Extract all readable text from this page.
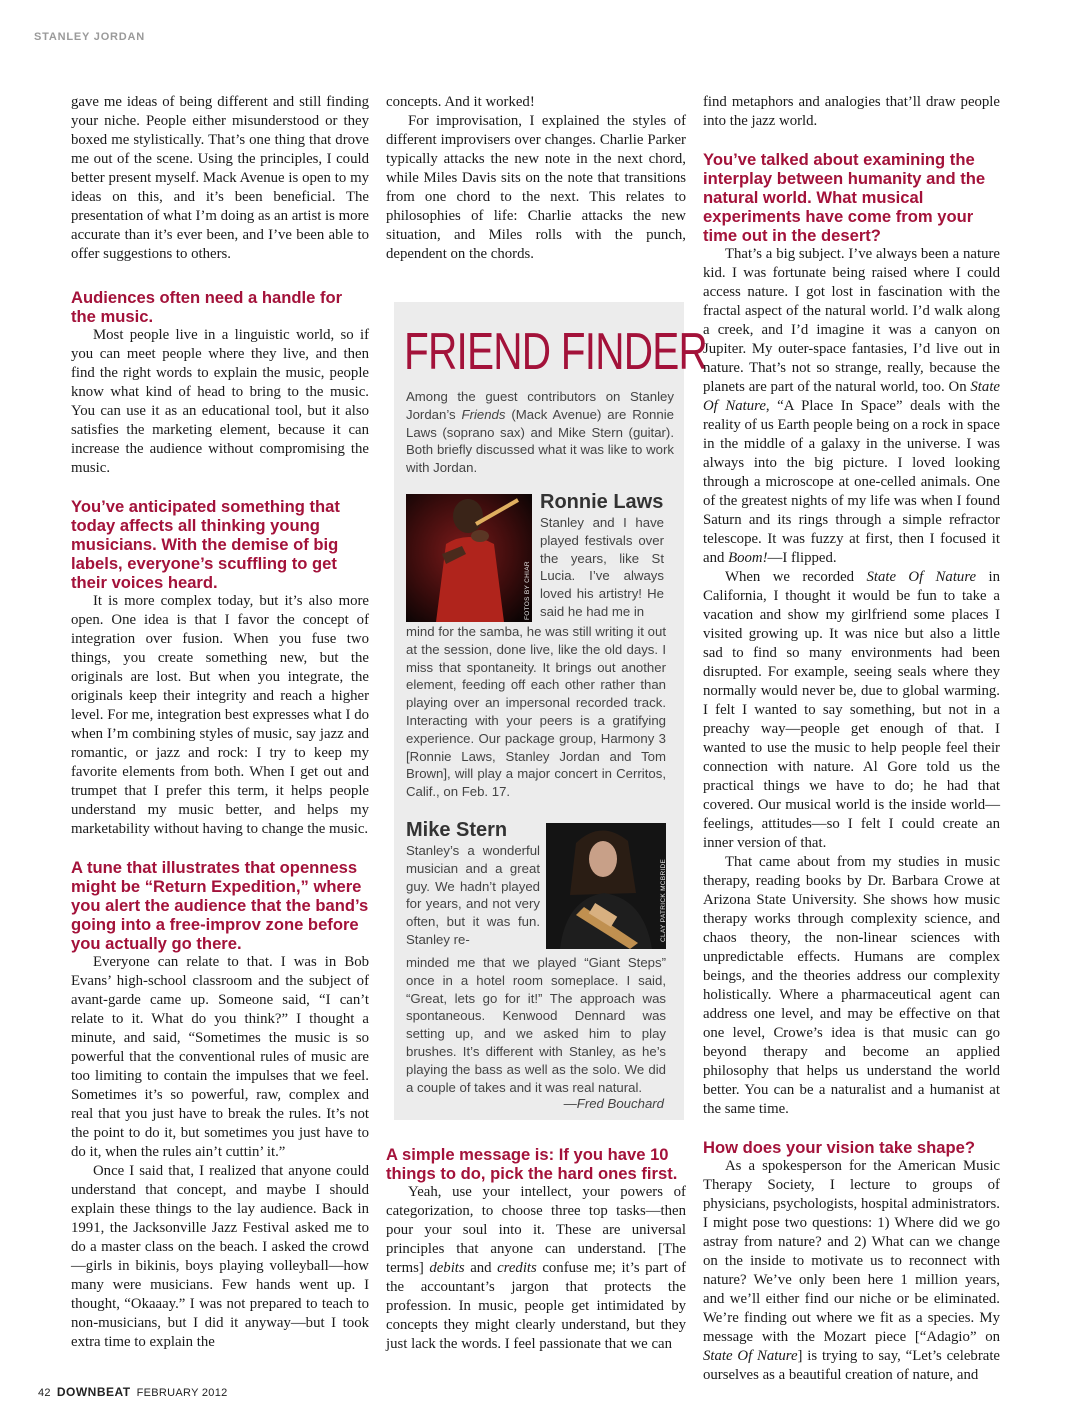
STANLEY JORDAN

gave me ideas of being different and still finding your niche. People either misunderstood or they boxed me stylistically. That’s one thing that drove me out of the scene. Using the principles, I could better present myself. Mack Avenue is open to my ideas on this, and it’s been beneficial. The presentation of what I’m doing as an artist is more accurate than it’s ever been, and I’ve been able to offer suggestions to others.

Audiences often need a handle for the music.

Most people live in a linguistic world, so if you can meet people where they live, and then find the right words to explain the music, people know what kind of head to bring to the music. You can use it as an educational tool, but it also satisfies the marketing element, because it can increase the audience without compromising the music.

You’ve anticipated something that today affects all thinking young musicians. With the demise of big labels, everyone’s scuffling to get their voices heard.

It is more complex today, but it’s also more open. One idea is that I favor the concept of integration over fusion. When you fuse two things, you create something new, but the originals are lost. But when you integrate, the originals keep their integrity and reach a higher level. For me, integration best expresses what I do when I’m combining styles of music, say jazz and romantic, or jazz and rock: I try to keep my favorite elements from both. When I get out and trumpet that I prefer this term, it helps people understand my music better, and helps my marketability without having to change the music.

A tune that illustrates that openness might be “Return Expedition,” where you alert the audience that the band’s going into a free-improv zone before you actually go there.

Everyone can relate to that. I was in Bob Evans’ high-school classroom and the subject of avant-garde came up. Someone said, “I can’t relate to it. What do you think?” I thought a minute, and said, “Sometimes the music is so powerful that the conventional rules of music are too limiting to contain the impulses that we feel. Sometimes it’s so powerful, raw, complex and real that you just have to break the rules. It’s not the point to do it, but sometimes you just have to do it, when the rules ain’t cuttin’ it.”

Once I said that, I realized that anyone could understand that concept, and maybe I should explain these things to the lay audience. Back in 1991, the Jacksonville Jazz Festival asked me to do a master class on the beach. I asked the crowd—girls in bikinis, boys playing volleyball—how many were musicians. Few hands went up. I thought, “Okaaay.” I was not prepared to teach to non-musicians, but I did it anyway—but I took extra time to explain the

concepts. And it worked!

For improvisation, I explained the styles of different improvisers over changes. Charlie Parker typically attacks the new note in the next chord, while Miles Davis sits on the note that transitions from one chord to the next. This relates to philosophies of life: Charlie attacks the new situation, and Miles rolls with the punch, dependent on the chords.

FRIEND FINDER

Among the guest contributors on Stanley Jordan’s Friends (Mack Avenue) are Ronnie Laws (soprano sax) and Mike Stern (guitar). Both briefly discussed what it was like to work with Jordan.

FOTOS BY CHIAR

Ronnie Laws

Stanley and I have played festivals over the years, like St Lucia. I’ve always loved his artistry! He said he had me in

mind for the samba, he was still writing it out at the session, done live, like the old days. I miss that spontaneity. It brings out another element, feeding off each other rather than playing over an impersonal recorded track. Interacting with your peers is a gratifying experience. Our package group, Harmony 3 [Ronnie Laws, Stanley Jordan and Tom Brown], will play a major concert in Cerritos, Calif., on Feb. 17.

Mike Stern

Stanley’s a wonderful musician and a great guy. We hadn’t played for years, and not very often, but it was fun. Stanley re-	CLAY PATRICK MCBRIDE

minded me that we played “Giant Steps” once in a hotel room someplace. I said, “Great, lets go for it!” The approach was spontaneous. Kenwood Dennard was setting up, and we asked him to play brushes. It’s different with Stanley, as he’s playing the bass as well as the solo. We did a couple of takes and it was real natural.

—Fred Bouchard

A simple message is: If you have 10 things to do, pick the hard ones first.

Yeah, use your intellect, your powers of categorization, to choose three top tasks—then pour your soul into it. These are universal principles that anyone can understand. [The terms] debits and credits confuse me; it’s part of the accountant’s jargon that protects the profession. In music, people get intimidated by concepts they might clearly understand, but they just lack the words. I feel passionate that we can

find metaphors and analogies that’ll draw people into the jazz world.

You’ve talked about examining the interplay between humanity and the natural world. What musical experiments have come from your time out in the desert?

That’s a big subject. I’ve always been a nature kid. I was fortunate being raised where I could access nature. I got lost in fascination with the fractal aspect of the natural world. I’d walk along a creek, and I’d imagine it was a canyon on Jupiter. My outer-space fantasies, I’d live out in nature. That’s not so strange, really, because the planets are part of the natural world, too. On State Of Nature, “A Place In Space” deals with the reality of us Earth people being on a rock in space in the middle of a galaxy in the universe. I was always into the big picture. I loved looking through a microscope at one-celled animals. One of the greatest nights of my life was when I found Saturn and its rings through a simple refractor telescope. It was fuzzy at first, then I focused it and Boom!—I flipped.

When we recorded State Of Nature in California, I thought it would be fun to take a vacation and show my girlfriend some places I visited growing up. It was nice but also a little sad to find so many environments had been disrupted. For example, seeing seals where they normally would never be, due to global warming. I felt I wanted to say something, but not in a preachy way—people get enough of that. I wanted to use the music to help people feel their connection with nature. Al Gore told us the practical things we have to do; he had that covered. Our musical world is the inside world—feelings, attitudes—so I felt I could create an inner version of that.

That came about from my studies in music therapy, reading books by Dr. Barbara Crowe at Arizona State University. She shows how music therapy works through complexity science, and chaos theory, the non-linear sciences with unpredictable effects. Humans are complex beings, and the theories address our complexity holistically. Where a pharmaceutical agent can address one level, and may be effective on that one level, Crowe’s idea is that music can go beyond therapy and become an applied philosophy that helps us understand the world better. You can be a naturalist and a humanist at the same time.

How does your vision take shape?

As a spokesperson for the American Music Therapy Society, I lecture to groups of physicians, psychologists, hospital administrators. I might pose two questions: 1) Where did we go astray from nature? and 2) What can we change on the inside to motivate us to reconnect with nature? We’ve only been here 1 million years, and we’ll either find our niche or be eliminated. We’re finding out where we fit as a species. My message with the Mozart piece [“Adagio” on State Of Nature] is trying to say, “Let’s celebrate ourselves as a beautiful creation of nature, and

42 DOWNBEAT FEBRUARY 2012
